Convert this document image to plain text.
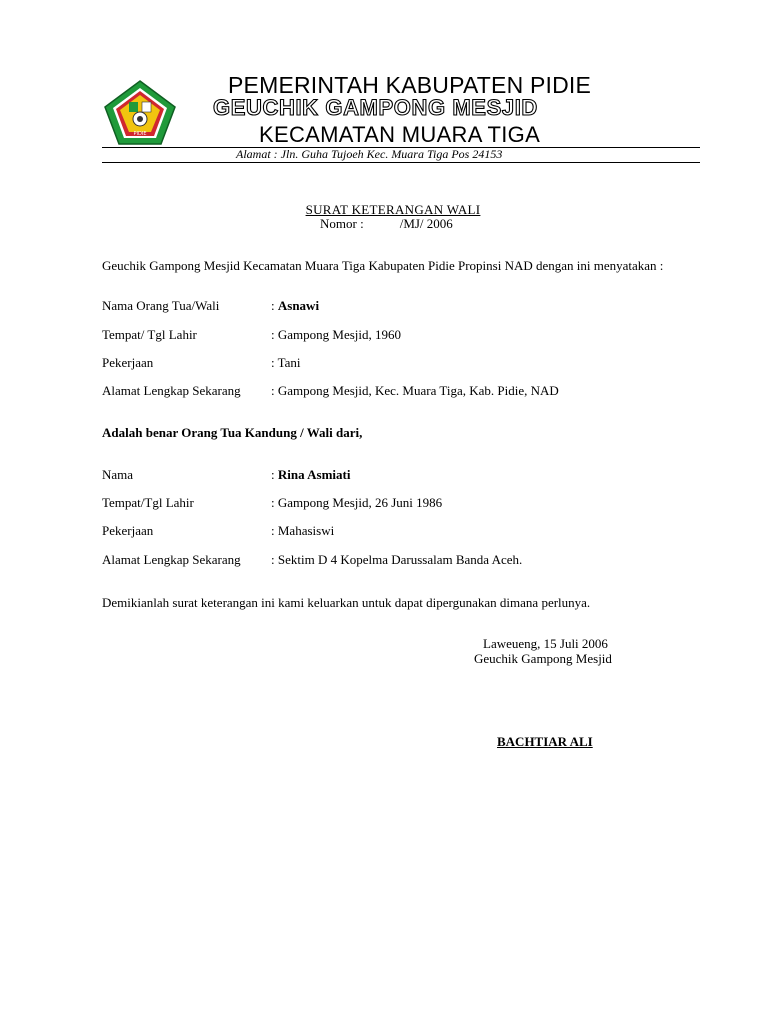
PIDIE
PEMERINTAH KABUPATEN PIDIE
GEUCHIK GAMPONG MESJID
KECAMATAN MUARA TIGA
Alamat : Jln. Guha Tujoeh Kec. Muara Tiga Pos 24153
SURAT KETERANGAN WALI
Nomor :	/MJ/ 2006
Geuchik Gampong Mesjid Kecamatan Muara Tiga Kabupaten Pidie Propinsi NAD dengan ini menyatakan :
Nama Orang Tua/Wali	: Asnawi
Tempat/ Tgl Lahir	: Gampong Mesjid, 1960
Pekerjaan	: Tani
Alamat Lengkap Sekarang : Gampong Mesjid, Kec. Muara Tiga, Kab. Pidie, NAD
Adalah benar Orang Tua Kandung / Wali dari,
Nama	: Rina Asmiati
Tempat/Tgl Lahir	: Gampong Mesjid, 26 Juni 1986
Pekerjaan	: Mahasiswi
Alamat Lengkap Sekarang : Sektim D 4 Kopelma Darussalam Banda Aceh.
Demikianlah surat keterangan ini kami keluarkan untuk dapat dipergunakan dimana perlunya.
Laweueng, 15 Juli 2006
Geuchik Gampong Mesjid
BACHTIAR ALI
